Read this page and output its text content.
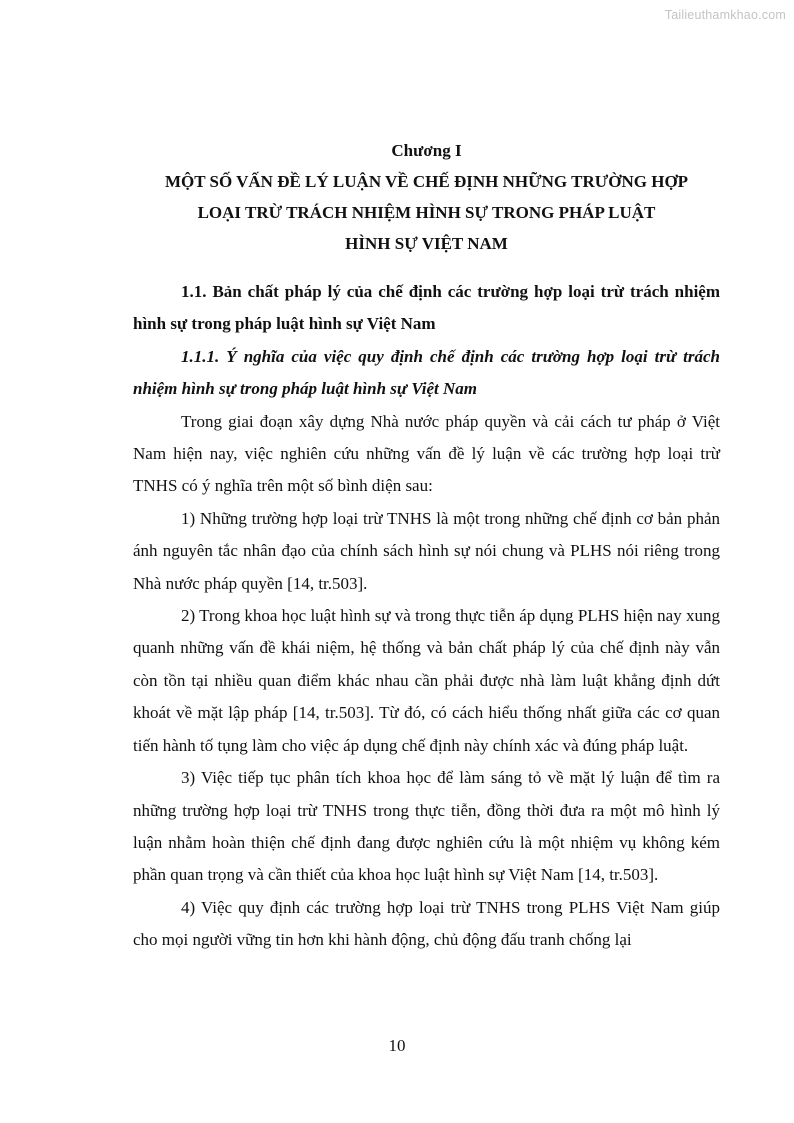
Tailieuthamkhao.com
Chương I
MỘT SỐ VẤN ĐỀ LÝ LUẬN VỀ CHẾ ĐỊNH NHỮNG TRƯỜNG HỢP
LOẠI TRỪ TRÁCH NHIỆM HÌNH SỰ TRONG PHÁP LUẬT
HÌNH SỰ VIỆT NAM

1.1. Bản chất pháp lý của chế định các trường hợp loại trừ trách nhiệm hình sự trong pháp luật hình sự Việt Nam

1.1.1. Ý nghĩa của việc quy định chế định các trường hợp loại trừ trách nhiệm hình sự trong pháp luật hình sự Việt Nam

Trong giai đoạn xây dựng Nhà nước pháp quyền và cải cách tư pháp ở Việt Nam hiện nay, việc nghiên cứu những vấn đề lý luận về các trường hợp loại trừ TNHS có ý nghĩa trên một số bình diện sau:

1) Những trường hợp loại trừ TNHS là một trong những chế định cơ bản phản ánh nguyên tắc nhân đạo của chính sách hình sự nói chung và PLHS nói riêng trong Nhà nước pháp quyền [14, tr.503].

2) Trong khoa học luật hình sự và trong thực tiễn áp dụng PLHS hiện nay xung quanh những vấn đề khái niệm, hệ thống và bản chất pháp lý của chế định này vẫn còn tồn tại nhiều quan điểm khác nhau cần phải được nhà làm luật khẳng định dứt khoát về mặt lập pháp [14, tr.503]. Từ đó, có cách hiểu thống nhất giữa các cơ quan tiến hành tố tụng làm cho việc áp dụng chế định này chính xác và đúng pháp luật.

3) Việc tiếp tục phân tích khoa học để làm sáng tỏ về mặt lý luận để tìm ra những trường hợp loại trừ TNHS trong thực tiễn, đồng thời đưa ra một mô hình lý luận nhằm hoàn thiện chế định đang được nghiên cứu là một nhiệm vụ không kém phần quan trọng và cần thiết của khoa học luật hình sự Việt Nam [14, tr.503].

4) Việc quy định các trường hợp loại trừ TNHS trong PLHS Việt Nam giúp cho mọi người vững tin hơn khi hành động, chủ động đấu tranh chống lại

10
